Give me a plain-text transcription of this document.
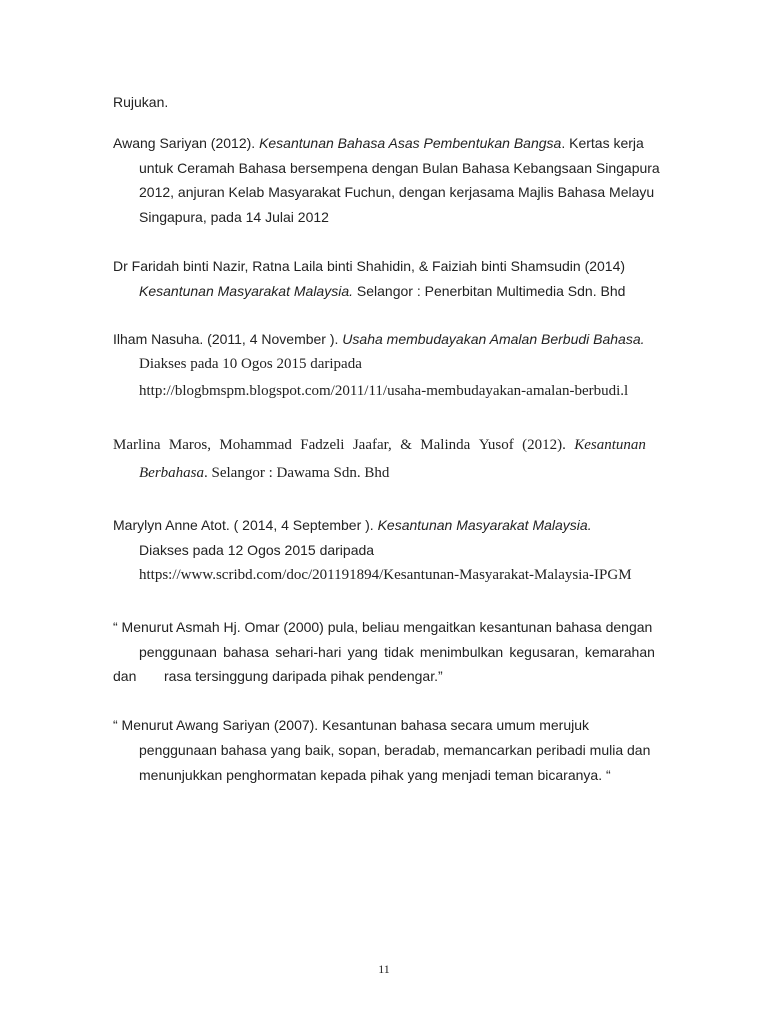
Rujukan.
Awang Sariyan (2012). Kesantunan Bahasa Asas Pembentukan Bangsa. Kertas kerja
untuk Ceramah Bahasa bersempena dengan Bulan Bahasa Kebangsaan Singapura
2012, anjuran Kelab Masyarakat Fuchun, dengan kerjasama Majlis Bahasa Melayu
Singapura, pada 14 Julai 2012
Dr Faridah binti Nazir, Ratna Laila binti Shahidin, & Faiziah binti Shamsudin (2014)
Kesantunan Masyarakat Malaysia. Selangor : Penerbitan Multimedia Sdn. Bhd
Ilham Nasuha. (2011, 4 November ). Usaha membudayakan Amalan Berbudi Bahasa.
Diakses pada 10 Ogos 2015 daripada
http://blogbmspm.blogspot.com/2011/11/usaha-membudayakan-amalan-berbudi.l
Marlina Maros, Mohammad Fadzeli Jaafar, & Malinda Yusof (2012). Kesantunan
Berbahasa. Selangor : Dawama Sdn. Bhd
Marylyn Anne Atot. ( 2014, 4 September ). Kesantunan Masyarakat Malaysia.
Diakses pada 12 Ogos 2015 daripada
https://www.scribd.com/doc/201191894/Kesantunan-Masyarakat-Malaysia-IPGM
“ Menurut Asmah Hj. Omar (2000) pula, beliau mengaitkan kesantunan bahasa dengan
penggunaan bahasa sehari-hari yang tidak menimbulkan kegusaran, kemarahan
dan rasa tersinggung daripada pihak pendengar.”
“ Menurut Awang Sariyan (2007). Kesantunan bahasa secara umum merujuk
penggunaan bahasa yang baik, sopan, beradab, memancarkan peribadi mulia dan
menunjukkan penghormatan kepada pihak yang menjadi teman bicaranya. “
11
